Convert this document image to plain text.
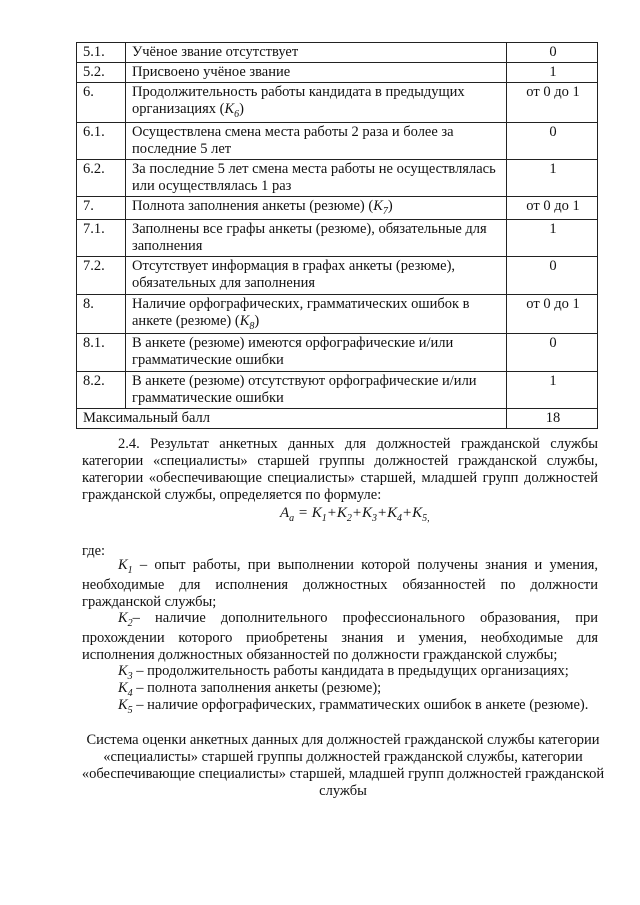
5.1.	Учёное звание отсутствует	0
5.2.	Присвоено учёное звание	1
6.	Продолжительность работы кандидата в предыдущих организациях $(К_6)$	от 0 до 1
6.1.	Осуществлена смена места работы 2 раза и более за последние 5 лет	0
6.2.	За последние 5 лет смена места работы не осуществлялась или осуществлялась 1 раз	1
7.	Полнота заполнения анкеты (резюме) $(К_7)$	от 0 до 1
7.1.	Заполнены все графы анкеты (резюме), обязательные для заполнения	1
7.2.	Отсутствует информация в графах анкеты (резюме), обязательных для заполнения	0
8.	Наличие орфографических, грамматических ошибок в анкете (резюме) $(К_8)$	от 0 до 1
8.1.	В анкете (резюме) имеются орфографические и/или грамматические ошибки	0
8.2.	В анкете (резюме) отсутствуют орфографические и/или грамматические ошибки	1
Максимальный балл		18

2.4. Результат анкетных данных для должностей гражданской службы категории «специалисты» старшей группы должностей гражданской службы, категории «обеспечивающие специалисты» старшей, младшей групп должностей гражданской службы, определяется по формуле:

$А_а = К_1+К_2+К_3+К_4+К_{5,}$
где:

$К_1$ – опыт работы, при выполнении которой получены знания и умения, необходимые для исполнения должностных обязанностей по должности гражданской службы;

$К_2-$ наличие дополнительного профессионального образования, при прохождении которого приобретены знания и умения, необходимые для исполнения должностных обязанностей по должности гражданской службы;

$К_3$ – продолжительность работы кандидата в предыдущих организациях;

$К_4$ – полнота заполнения анкеты (резюме);

$К_5$ – наличие орфографических, грамматических ошибок в анкете (резюме).

Система оценки анкетных данных для должностей гражданской службы категории «специалисты» старшей группы должностей гражданской службы, категории «обеспечивающие специалисты» старшей, младшей групп должностей гражданской службы
